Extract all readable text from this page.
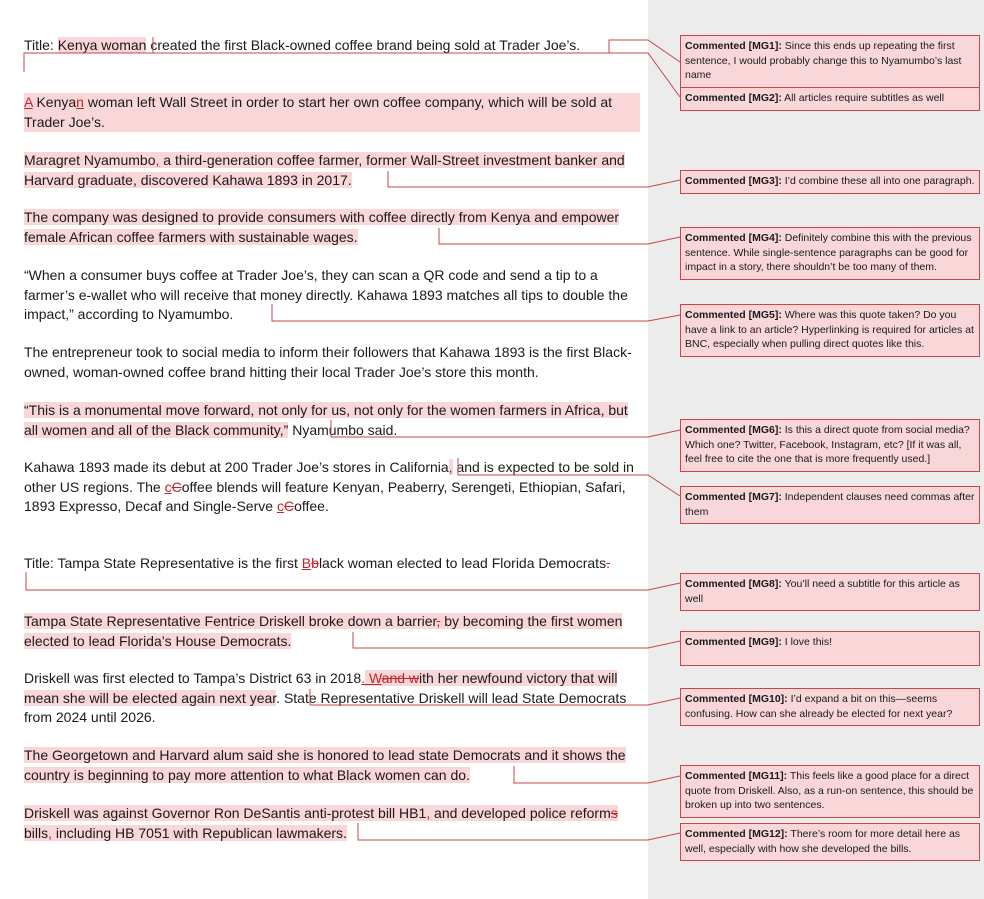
Title: Kenya woman created the first Black-owned coffee brand being sold at Trader Joe’s.

A Kenyan woman left Wall Street in order to start her own coffee company, which will be sold at Trader Joe’s.

Maragret Nyamumbo, a third-generation coffee farmer, former Wall-Street investment banker and Harvard graduate, discovered Kahawa 1893 in 2017.

The company was designed to provide consumers with coffee directly from Kenya and empower female African coffee farmers with sustainable wages.

“When a consumer buys coffee at Trader Joe’s, they can scan a QR code and send a tip to a farmer’s e-wallet who will receive that money directly. Kahawa 1893 matches all tips to double the impact,” according to Nyamumbo.

The entrepreneur took to social media to inform their followers that Kahawa 1893 is the first Black-owned, woman-owned coffee brand hitting their local Trader Joe’s store this month.

“This is a monumental move forward, not only for us, not only for the women farmers in Africa, but all women and all of the Black community,” Nyamumbo said.

Kahawa 1893 made its debut at 200 Trader Joe’s stores in California, and is expected to be sold in other US regions. The cCoffee blends will feature Kenyan, Peaberry, Serengeti, Ethiopian, Safari, 1893 Expresso, Decaf and Single-Serve cCoffee.

Title: Tampa State Representative is the first Bblack woman elected to lead Florida Democrats.

Tampa State Representative Fentrice Driskell broke down a barrier, by becoming the first women elected to lead Florida’s House Democrats.

Driskell was first elected to Tampa’s District 63 in 2018. Wand with her newfound victory that will mean she will be elected again next year. State Representative Driskell will lead State Democrats from 2024 until 2026.

The Georgetown and Harvard alum said she is honored to lead state Democrats and it shows the country is beginning to pay more attention to what Black women can do.

Driskell was against Governor Ron DeSantis anti-protest bill HB1, and developed police reforms bills, including HB 7051 with Republican lawmakers.

Commented [MG1]: Since this ends up repeating the first sentence, I would probably change this to Nyamumbo’s last name
Commented [MG2]: All articles require subtitles as well
Commented [MG3]: I’d combine these all into one paragraph.
Commented [MG4]: Definitely combine this with the previous sentence. While single-sentence paragraphs can be good for impact in a story, there shouldn’t be too many of them.
Commented [MG5]: Where was this quote taken? Do you have a link to an article? Hyperlinking is required for articles at BNC, especially when pulling direct quotes like this.
Commented [MG6]: Is this a direct quote from social media? Which one? Twitter, Facebook, Instagram, etc? [If it was all, feel free to cite the one that is more frequently used.]
Commented [MG7]: Independent clauses need commas after them
Commented [MG8]: You’ll need a subtitle for this article as well
Commented [MG9]: I love this!
Commented [MG10]: I’d expand a bit on this—seems confusing. How can she already be elected for next year?
Commented [MG11]: This feels like a good place for a direct quote from Driskell. Also, as a run-on sentence, this should be broken up into two sentences.
Commented [MG12]: There’s room for more detail here as well, especially with how she developed the bills.
